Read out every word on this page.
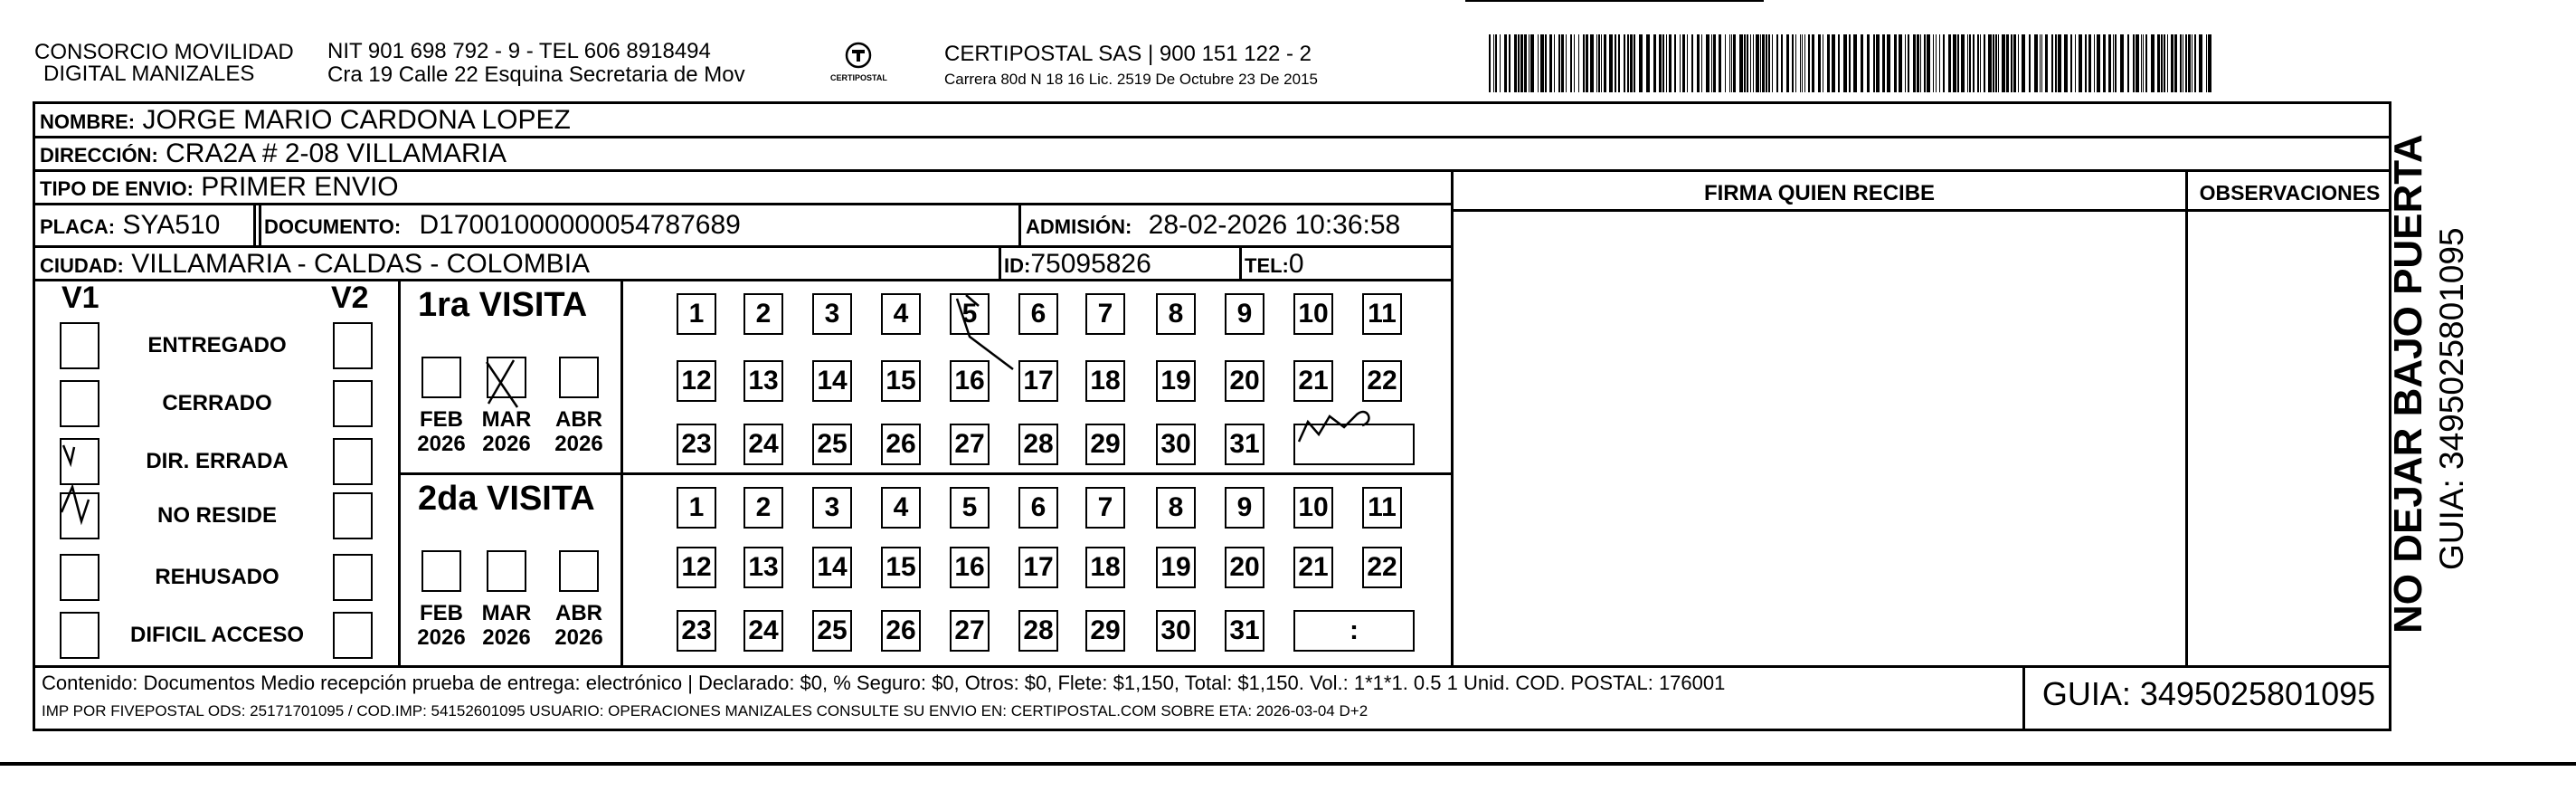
CONSORCIO MOVILIDAD
DIGITAL MANIZALES
NIT 901 698 792 - 9 - TEL 606 8918494
Cra 19 Calle 22 Esquina Secretaria de Mov	CERTIPOSTAL
CERTIPOSTAL SAS | 900 151 122 - 2
Carrera 80d N 18 16 Lic. 2519 De Octubre 23 De 2015
NOMBRE: JORGE MARIO CARDONA LOPEZ
DIRECCIÓN: CRA2A # 2-08 VILLAMARIA
TIPO DE ENVIO: PRIMER ENVIO
PLACA: SYA510 DOCUMENTO: D17001000000054787689	ADMISIÓN: 28-02-2026 10:36:58
CIUDAD: VILLAMARIA - CALDAS - COLOMBIA	ID:75095826	TEL:0
FIRMA QUIEN RECIBE	OBSERVACIONES
V1	V2
ENTREGADO
CERRADO
DIR. ERRADA
NO RESIDE
REHUSADO
DIFICIL ACCESO
1ra VISITA
2da VISITA
FEB
2026
MAR
2026
ABR
2026
FEB
2026
MAR
2026
ABR
2026
1	2	3	4	5	6	7	8	9	10 11
12 13 14 15 16 17 18 19 20 21 22
23 24 25 26 27 28 29 30 31
1	2	3	4	5	6	7	8	9	10 11
12 13 14 15 16 17 18 19 20 21 22
23 24 25 26 27 28 29 30 31	:
Contenido: Documentos Medio recepción prueba de entrega: electrónico | Declarado: $0, % Seguro: $0, Otros: $0, Flete: $1,150, Total: $1,150. Vol.: 1*1*1. 0.5 1 Unid. COD. POSTAL: 176001
IMP POR FIVEPOSTAL ODS: 25171701095 / COD.IMP: 54152601095 USUARIO: OPERACIONES MANIZALES CONSULTE SU ENVIO EN: CERTIPOSTAL.COM SOBRE ETA: 2026-03-04 D+2	GUIA: 3495025801095
NO DEJAR BAJO PUERTA GUIA: 3495025801095
